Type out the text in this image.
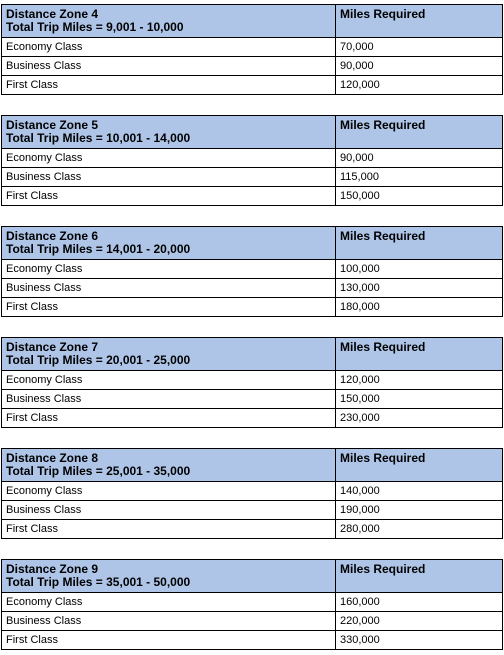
Distance Zone 4
Total Trip Miles = 9,001 - 10,000	Miles Required
Economy Class	70,000
Business Class	90,000
First Class	120,000
Distance Zone 5
Total Trip Miles = 10,001 - 14,000	Miles Required
Economy Class	90,000
Business Class	115,000
First Class	150,000
Distance Zone 6
Total Trip Miles = 14,001 - 20,000	Miles Required
Economy Class	100,000
Business Class	130,000
First Class	180,000
Distance Zone 7
Total Trip Miles = 20,001 - 25,000	Miles Required
Economy Class	120,000
Business Class	150,000
First Class	230,000
Distance Zone 8
Total Trip Miles = 25,001 - 35,000	Miles Required
Economy Class	140,000
Business Class	190,000
First Class	280,000
Distance Zone 9
Total Trip Miles = 35,001 - 50,000	Miles Required
Economy Class	160,000
Business Class	220,000
First Class	330,000
